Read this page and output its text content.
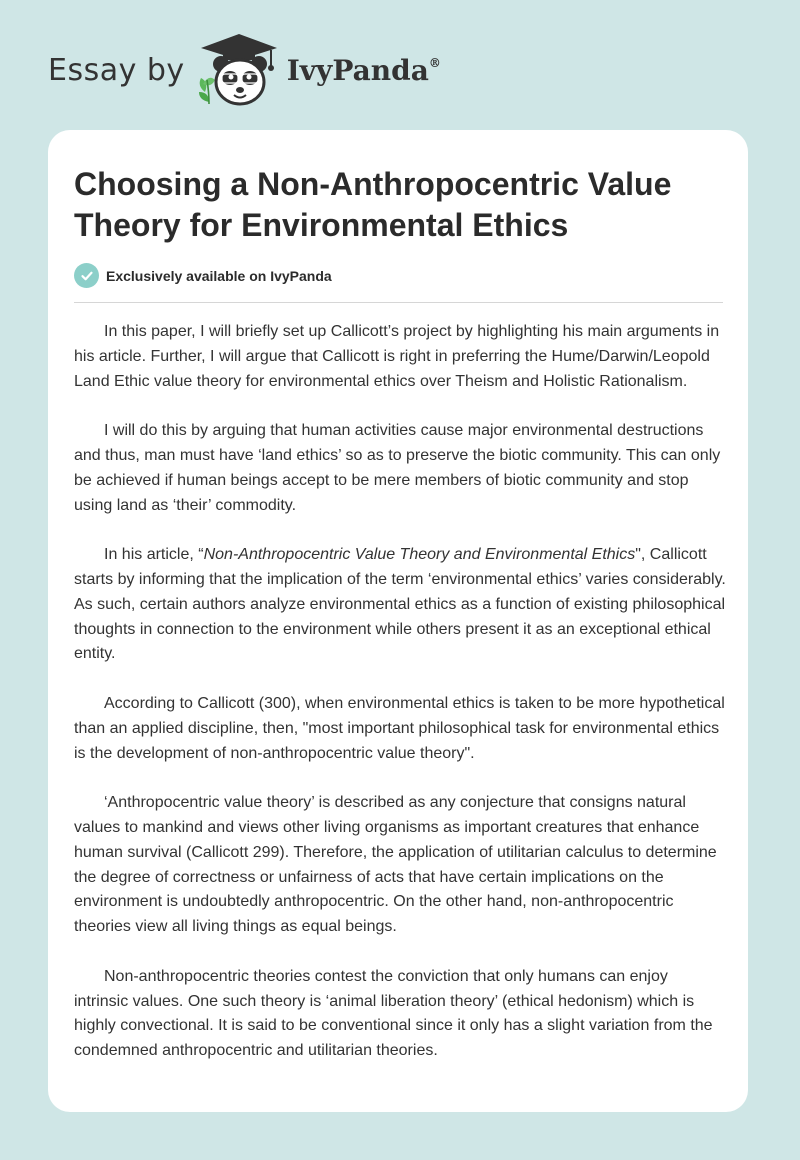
Essay by	IvyPanda®
Choosing a Non-Anthropocentric Value Theory for Environmental Ethics
Exclusively available on IvyPanda

In this paper, I will briefly set up Callicott’s project by highlighting his main arguments in his article. Further, I will argue that Callicott is right in preferring the Hume/Darwin/Leopold Land Ethic value theory for environmental ethics over Theism and Holistic Rationalism.

I will do this by arguing that human activities cause major environmental destructions and thus, man must have ‘land ethics’ so as to preserve the biotic community. This can only be achieved if human beings accept to be mere members of biotic community and stop using land as ‘their’ commodity.

In his article, “Non-Anthropocentric Value Theory and Environmental Ethics", Callicott starts by informing that the implication of the term ‘environmental ethics’ varies considerably. As such, certain authors analyze environmental ethics as a function of existing philosophical thoughts in connection to the environment while others present it as an exceptional ethical entity.

According to Callicott (300), when environmental ethics is taken to be more hypothetical than an applied discipline, then, "most important philosophical task for environmental ethics is the development of non-anthropocentric value theory".

‘Anthropocentric value theory’ is described as any conjecture that consigns natural values to mankind and views other living organisms as important creatures that enhance human survival (Callicott 299). Therefore, the application of utilitarian calculus to determine the degree of correctness or unfairness of acts that have certain implications on the environment is undoubtedly anthropocentric. On the other hand, non-anthropocentric theories view all living things as equal beings.

Non-anthropocentric theories contest the conviction that only humans can enjoy intrinsic values. One such theory is ‘animal liberation theory’ (ethical hedonism) which is highly convectional. It is said to be conventional since it only has a slight variation from the condemned anthropocentric and utilitarian theories.
